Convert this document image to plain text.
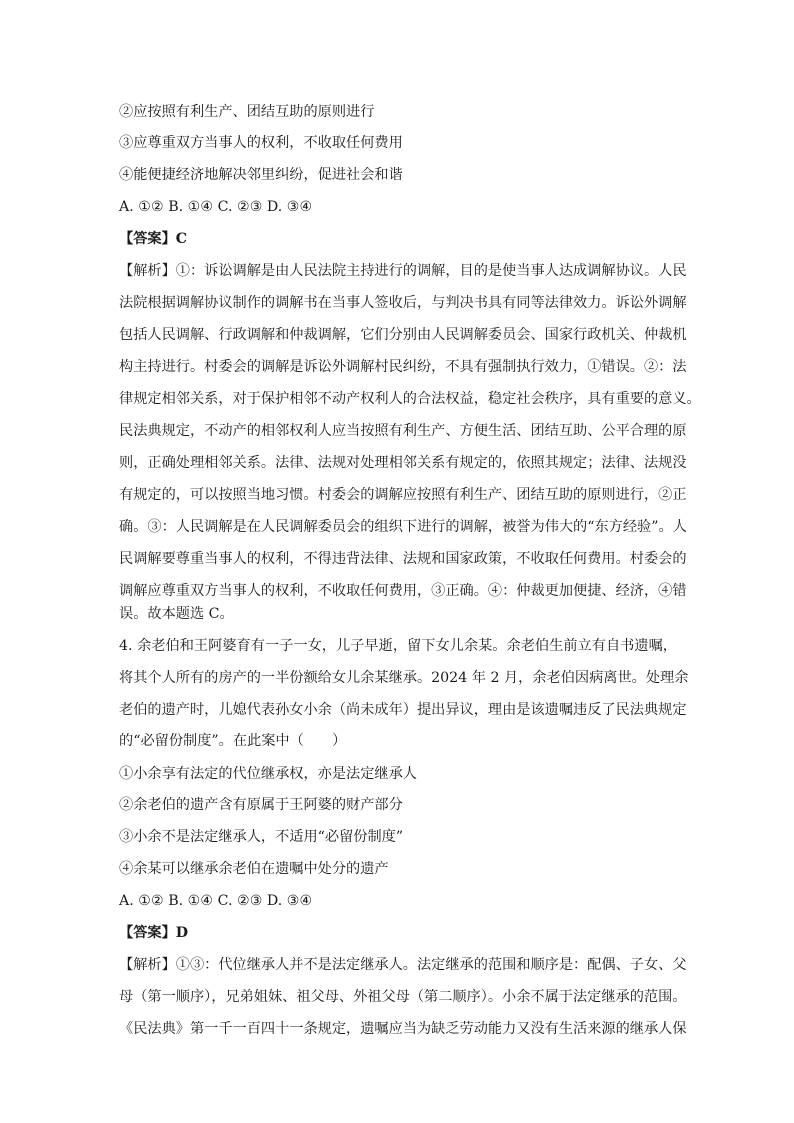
②应按照有利生产、团结互助的原则进行
③应尊重双方当事人的权利，不收取任何费用
④能便捷经济地解决邻里纠纷，促进社会和谐
A. ①② B. ①④ C. ②③ D. ③④
【答案】C
【解析】①：诉讼调解是由人民法院主持进行的调解，目的是使当事人达成调解协议。人民
法院根据调解协议制作的调解书在当事人签收后，与判决书具有同等法律效力。诉讼外调解
包括人民调解、行政调解和仲裁调解，它们分别由人民调解委员会、国家行政机关、仲裁机
构主持进行。村委会的调解是诉讼外调解村民纠纷，不具有强制执行效力，①错误。②：法
律规定相邻关系，对于保护相邻不动产权利人的合法权益，稳定社会秩序，具有重要的意义。
民法典规定，不动产的相邻权利人应当按照有利生产、方便生活、团结互助、公平合理的原
则，正确处理相邻关系。法律、法规对处理相邻关系有规定的，依照其规定；法律、法规没
有规定的，可以按照当地习惯。村委会的调解应按照有利生产、团结互助的原则进行，②正
确。③：人民调解是在人民调解委员会的组织下进行的调解，被誉为伟大的“东方经验”。人
民调解要尊重当事人的权利，不得违背法律、法规和国家政策，不收取任何费用。村委会的
调解应尊重双方当事人的权利，不收取任何费用，③正确。④：仲裁更加便捷、经济，④错
误。故本题选 C。
4. 余老伯和王阿婆育有一子一女，儿子早逝，留下女儿余某。余老伯生前立有自书遗嘱，
将其个人所有的房产的一半份额给女儿余某继承。2024 年 2 月，余老伯因病离世。处理余
老伯的遗产时，儿媳代表孙女小余（尚未成年）提出异议，理由是该遗嘱违反了民法典规定
的“必留份制度”。在此案中（　　）
①小余享有法定的代位继承权，亦是法定继承人
②余老伯的遗产含有原属于王阿婆的财产部分
③小余不是法定继承人，不适用“必留份制度”
④余某可以继承余老伯在遗嘱中处分的遗产
A. ①② B. ①④ C. ②③ D. ③④
【答案】D
【解析】①③：代位继承人并不是法定继承人。法定继承的范围和顺序是：配偶、子女、父
母（第一顺序），兄弟姐妹、祖父母、外祖父母（第二顺序）。小余不属于法定继承的范围。
《民法典》第一千一百四十一条规定，遗嘱应当为缺乏劳动能力又没有生活来源的继承人保
